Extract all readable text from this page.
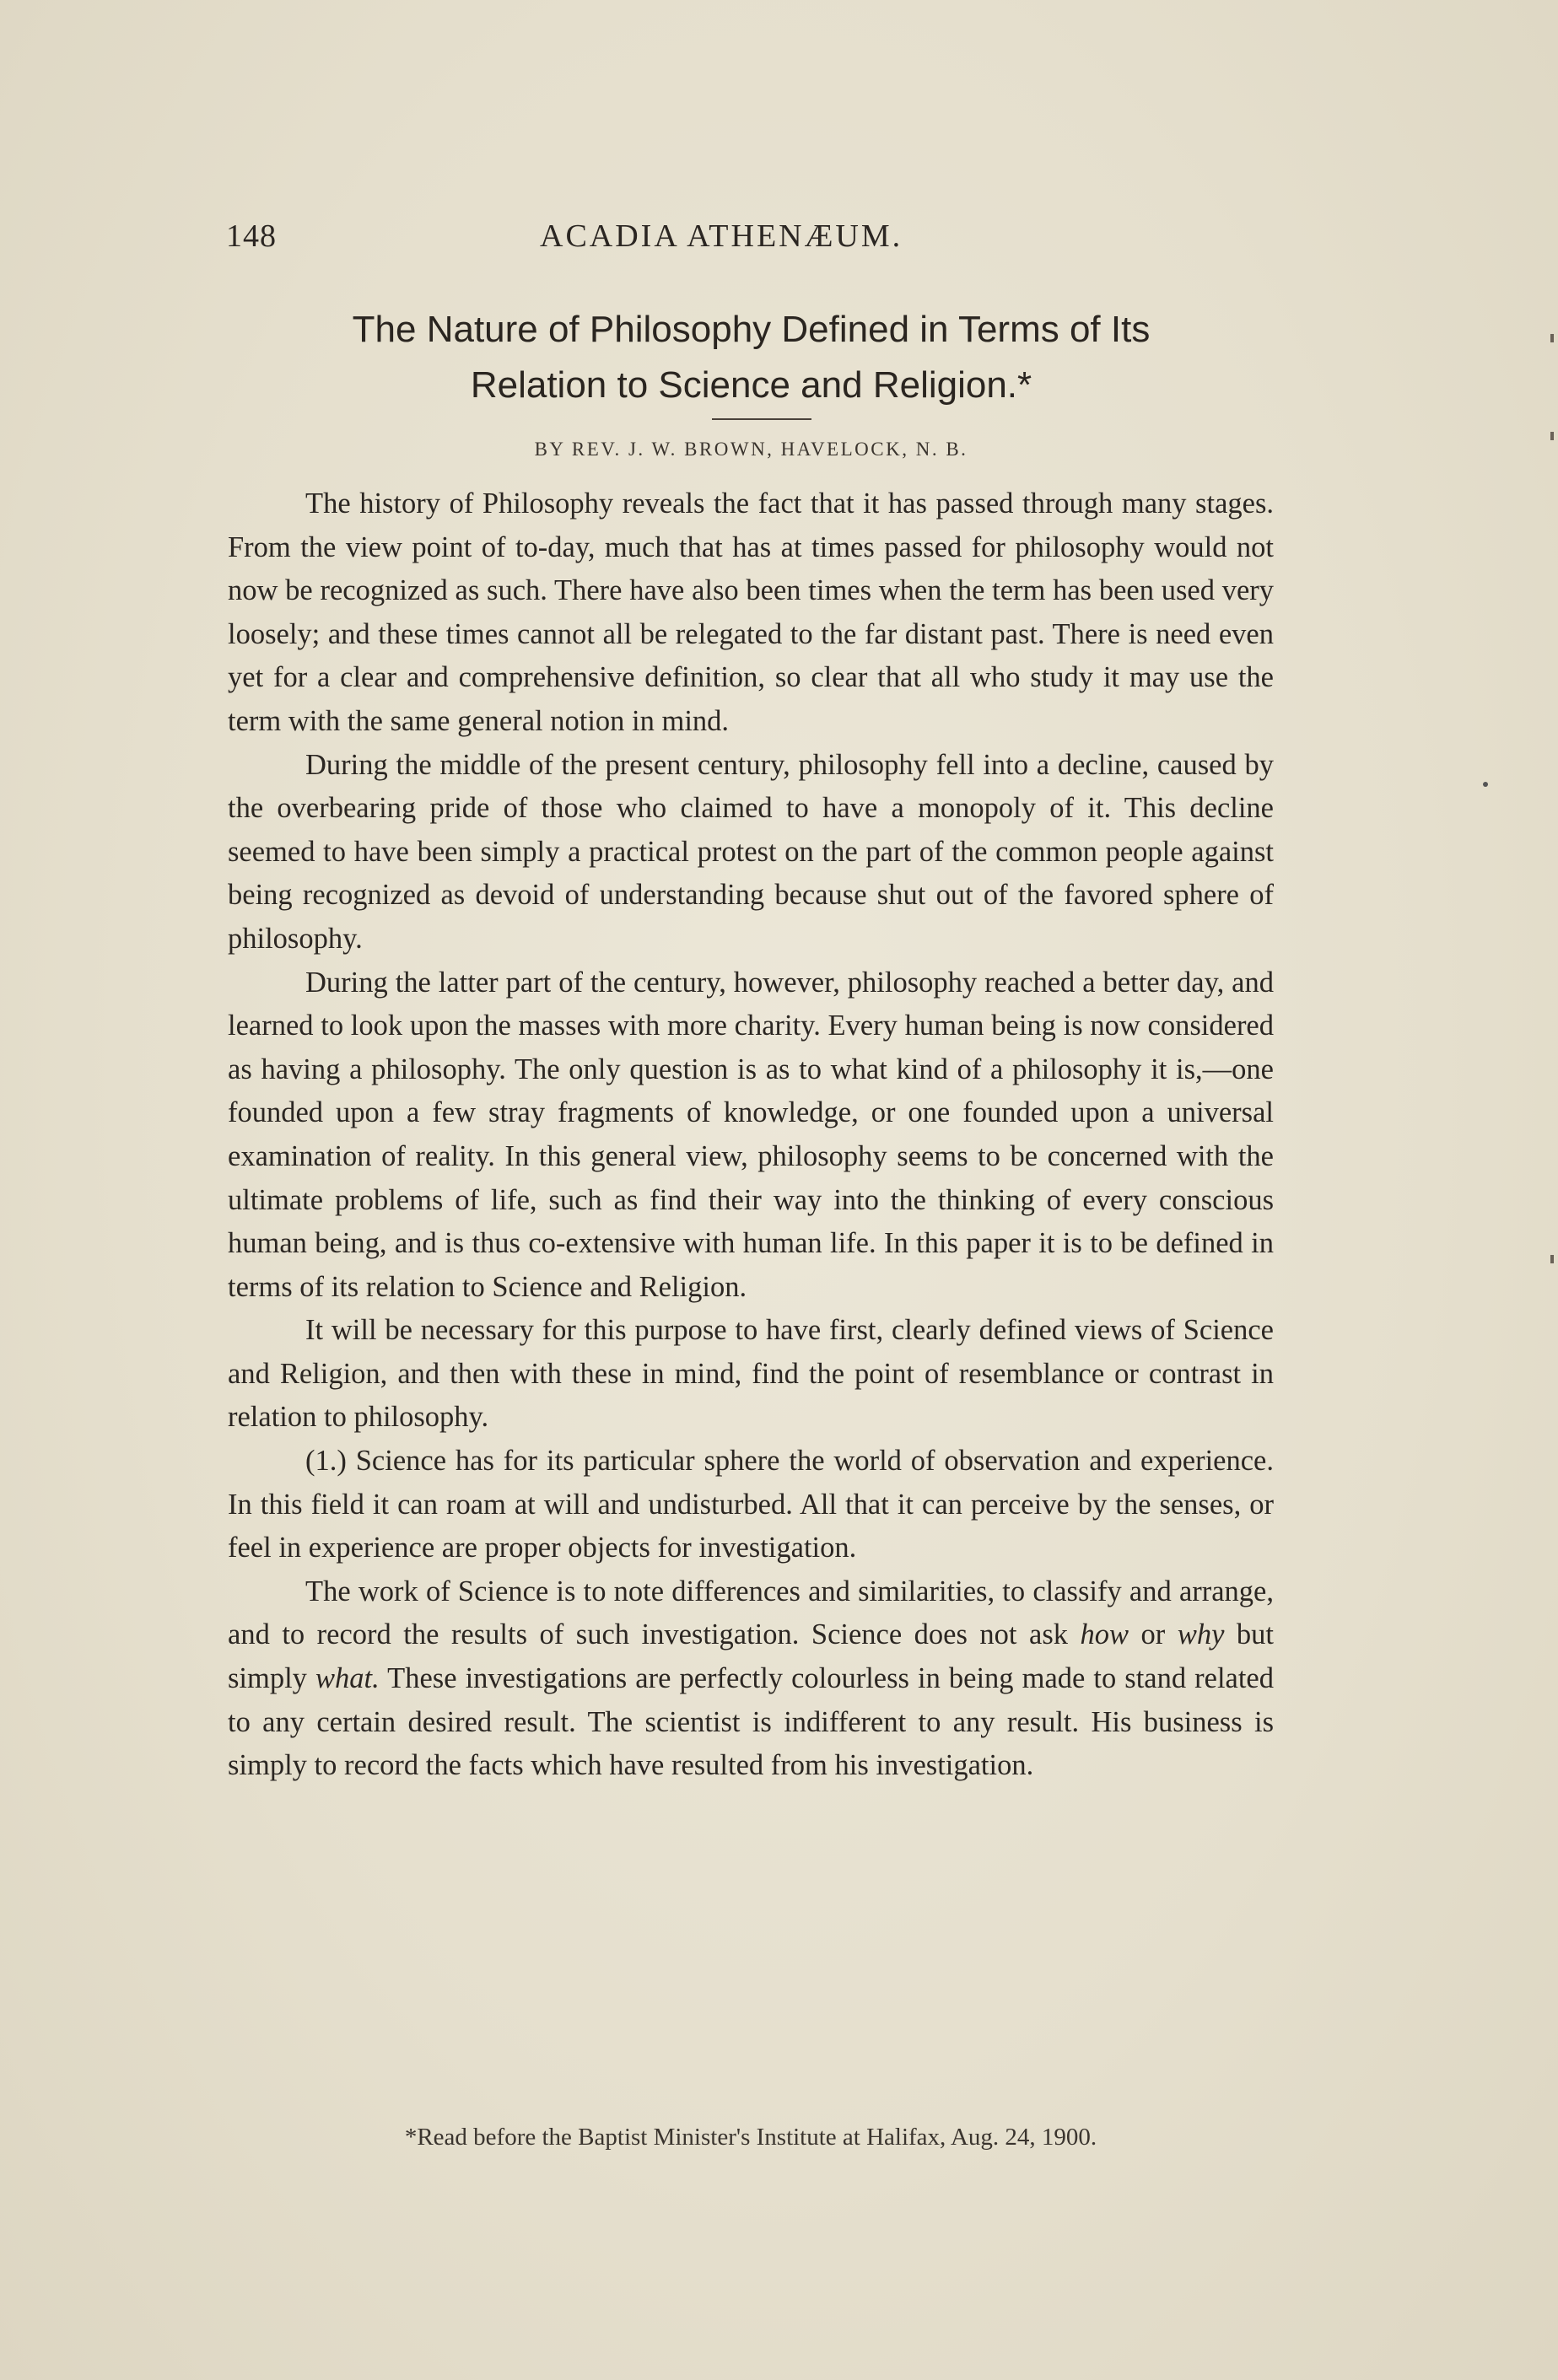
148	ACADIA ATHENÆUM.
The Nature of Philosophy Defined in Terms of Its
Relation to Science and Religion.*
BY REV. J. W. BROWN, HAVELOCK, N. B.

The history of Philosophy reveals the fact that it has passed through many stages. From the view point of to-day, much that has at times passed for philosophy would not now be recognized as such. There have also been times when the term has been used very loosely; and these times cannot all be relegated to the far distant past. There is need even yet for a clear and comprehensive definition, so clear that all who study it may use the term with the same general notion in mind.

During the middle of the present century, philosophy fell into a decline, caused by the overbearing pride of those who claimed to have a monopoly of it. This decline seemed to have been simply a practical protest on the part of the common people against being recognized as devoid of understanding because shut out of the favored sphere of philosophy.

During the latter part of the century, however, philosophy reached a better day, and learned to look upon the masses with more charity. Every human being is now considered as having a philosophy. The only question is as to what kind of a philosophy it is,—one founded upon a few stray fragments of knowledge, or one founded upon a universal examination of reality. In this general view, philosophy seems to be concerned with the ultimate problems of life, such as find their way into the thinking of every conscious human being, and is thus co-extensive with human life. In this paper it is to be defined in terms of its relation to Science and Religion.

It will be necessary for this purpose to have first, clearly defined views of Science and Religion, and then with these in mind, find the point of resemblance or contrast in relation to philosophy.

(1.) Science has for its particular sphere the world of observation and experience. In this field it can roam at will and undisturbed. All that it can perceive by the senses, or feel in experience are proper objects for investigation.

The work of Science is to note differences and similarities, to classify and arrange, and to record the results of such investigation. Science does not ask how or why but simply what. These investigations are perfectly colourless in being made to stand related to any certain desired result. The scientist is indifferent to any result. His business is simply to record the facts which have resulted from his investigation.

*Read before the Baptist Minister's Institute at Halifax, Aug. 24, 1900.
